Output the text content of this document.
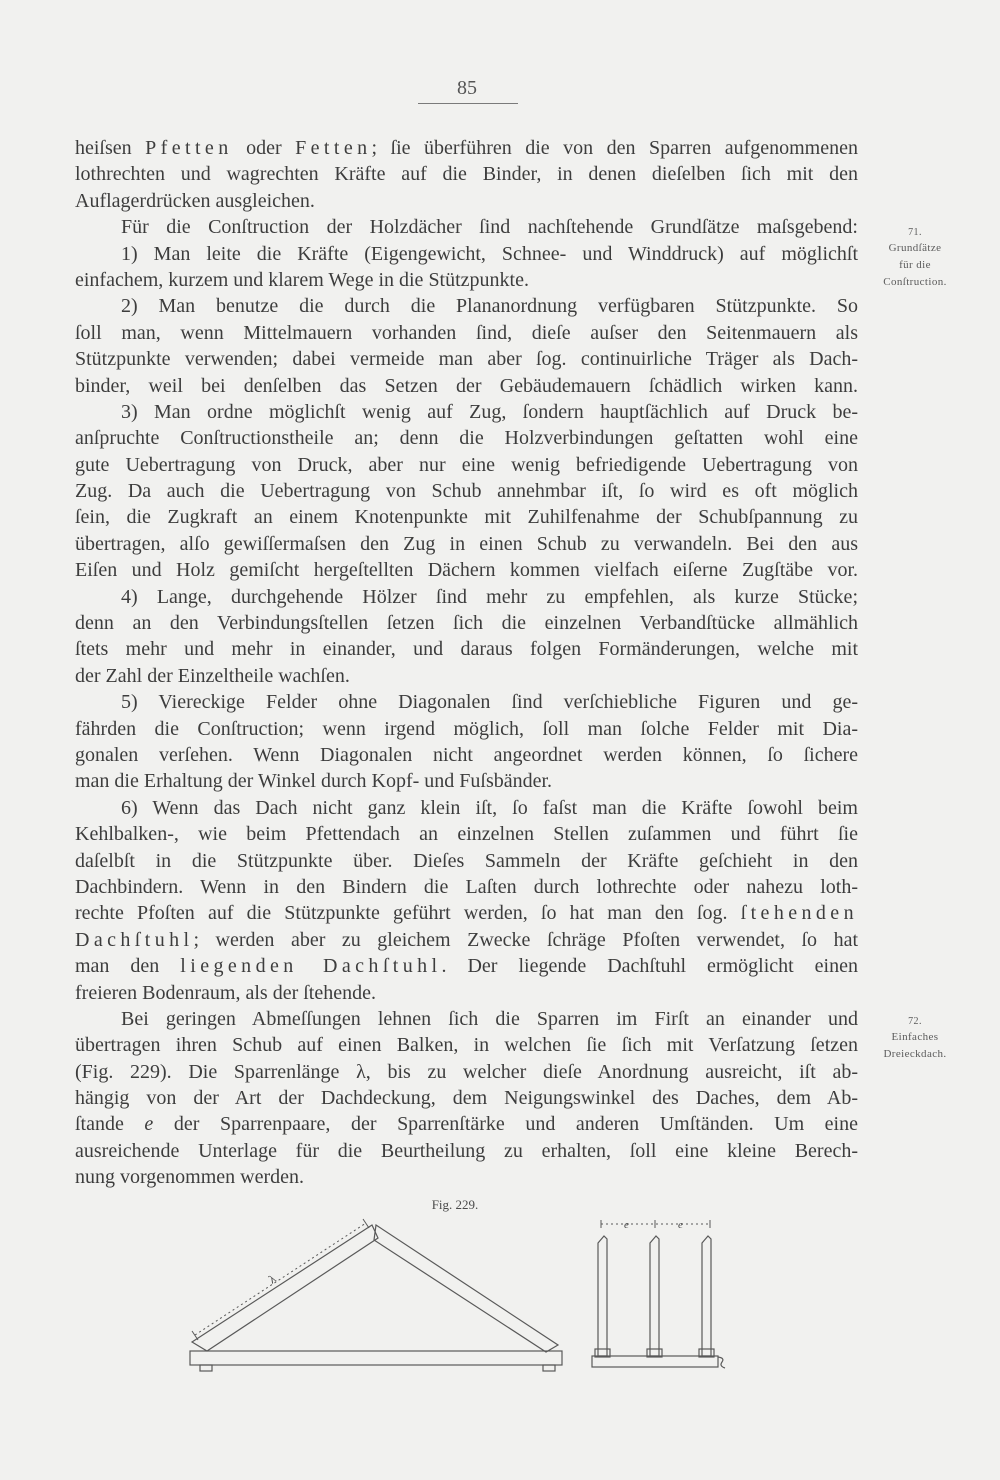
85
heiſsen Pfetten oder Fetten; ſie überführen die von den Sparren aufgenommenen
lothrechten und wagrechten Kräfte auf die Binder, in denen dieſelben ſich mit den
Auflagerdrücken ausgleichen.
Für die Conſtruction der Holzdächer ſind nachſtehende Grundſätze maſsgebend:
1) Man leite die Kräfte (Eigengewicht, Schnee- und Winddruck) auf möglichſt
einfachem, kurzem und klarem Wege in die Stützpunkte.
2) Man benutze die durch die Plananordnung verfügbaren Stützpunkte. So
ſoll man, wenn Mittelmauern vorhanden ſind, dieſe auſser den Seitenmauern als
Stützpunkte verwenden; dabei vermeide man aber ſog. continuirliche Träger als Dach-
binder, weil bei denſelben das Setzen der Gebäudemauern ſchädlich wirken kann.
3) Man ordne möglichſt wenig auf Zug, ſondern hauptſächlich auf Druck be-
anſpruchte Conſtructionstheile an; denn die Holzverbindungen geſtatten wohl eine
gute Uebertragung von Druck, aber nur eine wenig befriedigende Uebertragung von
Zug. Da auch die Uebertragung von Schub annehmbar iſt, ſo wird es oft möglich
ſein, die Zugkraft an einem Knotenpunkte mit Zuhilfenahme der Schubſpannung zu
übertragen, alſo gewiſſermaſsen den Zug in einen Schub zu verwandeln. Bei den aus
Eiſen und Holz gemiſcht hergeſtellten Dächern kommen vielfach eiſerne Zugſtäbe vor.
4) Lange, durchgehende Hölzer ſind mehr zu empfehlen, als kurze Stücke;
denn an den Verbindungsſtellen ſetzen ſich die einzelnen Verbandſtücke allmählich
ſtets mehr und mehr in einander, und daraus folgen Formänderungen, welche mit
der Zahl der Einzeltheile wachſen.
5) Viereckige Felder ohne Diagonalen ſind verſchiebliche Figuren und ge-
fährden die Conſtruction; wenn irgend möglich, ſoll man ſolche Felder mit Dia-
gonalen verſehen. Wenn Diagonalen nicht angeordnet werden können, ſo ſichere
man die Erhaltung der Winkel durch Kopf- und Fuſsbänder.
6) Wenn das Dach nicht ganz klein iſt, ſo faſst man die Kräfte ſowohl beim
Kehlbalken-, wie beim Pfettendach an einzelnen Stellen zuſammen und führt ſie
daſelbſt in die Stützpunkte über. Dieſes Sammeln der Kräfte geſchieht in den
Dachbindern. Wenn in den Bindern die Laſten durch lothrechte oder nahezu loth-
rechte Pfoſten auf die Stützpunkte geführt werden, ſo hat man den ſog. ſtehenden
Dachſtuhl; werden aber zu gleichem Zwecke ſchräge Pfoſten verwendet, ſo hat
man den liegenden Dachſtuhl. Der liegende Dachſtuhl ermöglicht einen
freieren Bodenraum, als der ſtehende.
Bei geringen Abmeſſungen lehnen ſich die Sparren im Firſt an einander und
übertragen ihren Schub auf einen Balken, in welchen ſie ſich mit Verſatzung ſetzen
(Fig. 229). Die Sparrenlänge λ, bis zu welcher dieſe Anordnung ausreicht, iſt ab-
hängig von der Art der Dachdeckung, dem Neigungswinkel des Daches, dem Ab-
ſtande e der Sparrenpaare, der Sparrenſtärke und anderen Umſtänden. Um eine
ausreichende Unterlage für die Beurtheilung zu erhalten, ſoll eine kleine Berech-
nung vorgenommen werden.
71.
Grundſätze
für die
Conſtruction.
72.
Einfaches
Dreieckdach.
Fig. 229.
λ
e	e
